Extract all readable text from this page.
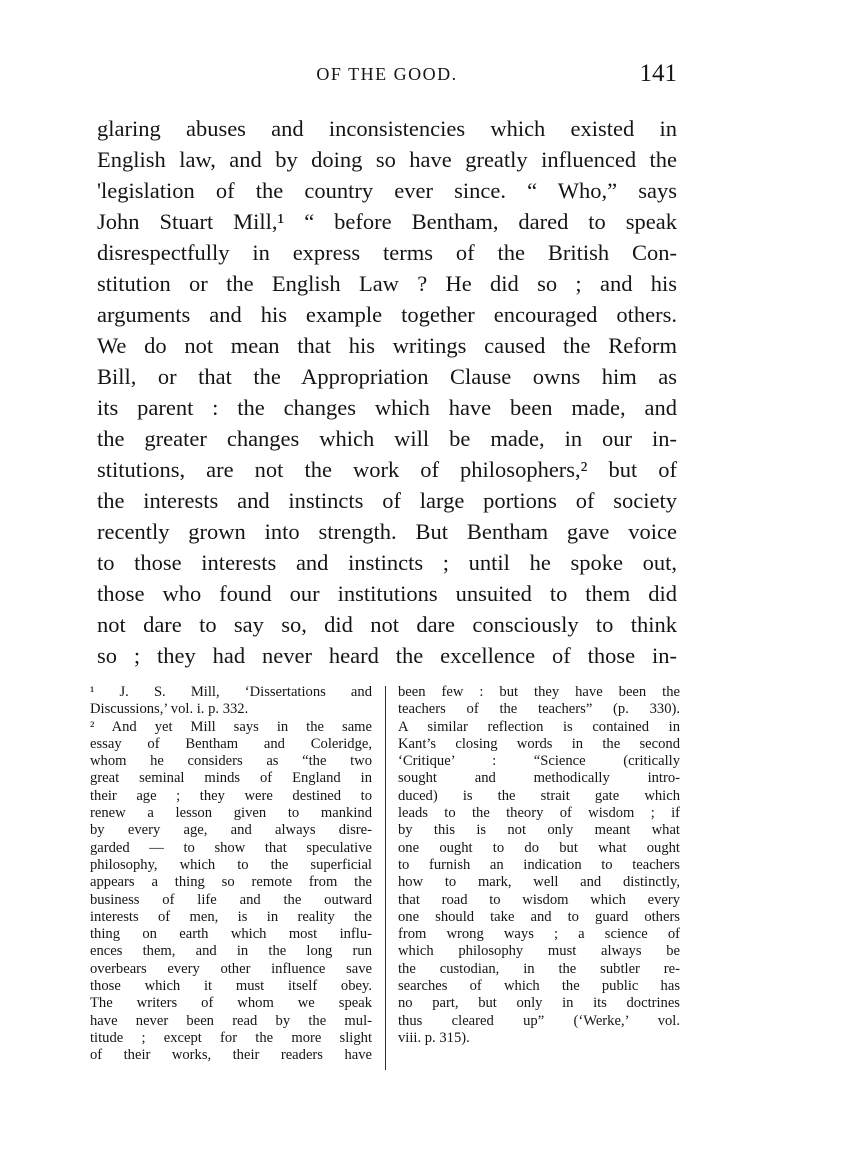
OF THE GOOD.	141
glaring abuses and inconsistencies which existed in
English law, and by doing so have greatly influenced the
'legislation of the country ever since. “ Who,” says
John Stuart Mill,¹ “ before Bentham, dared to speak
disrespectfully in express terms of the British Con-
stitution or the English Law ? He did so ; and his
arguments and his example together encouraged others.
We do not mean that his writings caused the Reform
Bill, or that the Appropriation Clause owns him as
its parent : the changes which have been made, and
the greater changes which will be made, in our in-
stitutions, are not the work of philosophers,² but of
the interests and instincts of large portions of society
recently grown into strength. But Bentham gave voice
to those interests and instincts ; until he spoke out,
those who found our institutions unsuited to them did
not dare to say so, did not dare consciously to think
so ; they had never heard the excellence of those in-
¹ J. S. Mill, ‘Dissertations and
Discussions,’ vol. i. p. 332.
² And yet Mill says in the same
essay of Bentham and Coleridge,
whom he considers as “the two
great seminal minds of England in
their age ; they were destined to
renew a lesson given to mankind
by every age, and always disre-
garded — to show that speculative
philosophy, which to the superficial
appears a thing so remote from the
business of life and the outward
interests of men, is in reality the
thing on earth which most influ-
ences them, and in the long run
overbears every other influence save
those which it must itself obey.
The writers of whom we speak
have never been read by the mul-
titude ; except for the more slight
of their works, their readers have
been few : but they have been the
teachers of the teachers” (p. 330).
A similar reflection is contained in
Kant’s closing words in the second
‘Critique’ : “Science (critically
sought and methodically intro-
duced) is the strait gate which
leads to the theory of wisdom ; if
by this is not only meant what
one ought to do but what ought
to furnish an indication to teachers
how to mark, well and distinctly,
that road to wisdom which every
one should take and to guard others
from wrong ways ; a science of
which philosophy must always be
the custodian, in the subtler re-
searches of which the public has
no part, but only in its doctrines
thus cleared up” (‘Werke,’ vol.
viii. p. 315).
